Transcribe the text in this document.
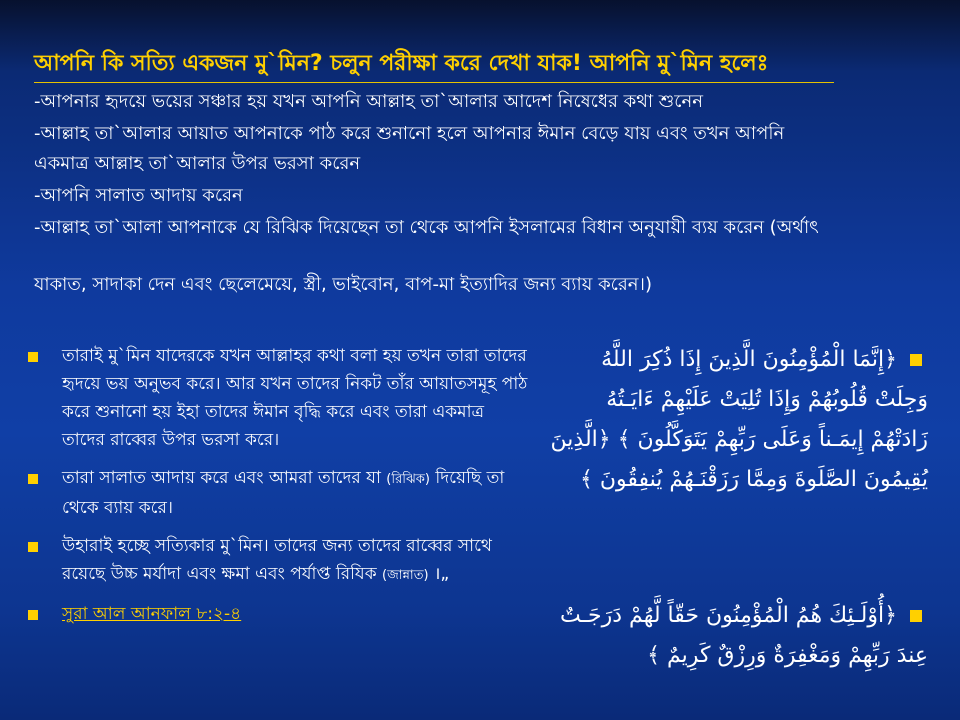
আপনি কি সত্যি একজন মু`মিন? চলুন পরীক্ষা করে দেখা যাক! আপনি মু`মিন হলেঃ
-আপনার হৃদয়ে ভয়ের সঞ্চার হয় যখন আপনি আল্লাহ তা`আলার আদেশ নিষেধের কথা শুনেন
-আল্লাহ তা`আলার আয়াত আপনাকে পাঠ করে শুনানো হলে আপনার ঈমান বেড়ে যায় এবং তখন আপনি
একমাত্র আল্লাহ তা`আলার উপর ভরসা করেন
-আপনি সালাত আদায় করেন
-আল্লাহ তা`আলা আপনাকে যে রিঝিক দিয়েছেন তা থেকে আপনি ইসলামের বিধান অনুযায়ী ব্যয় করেন (অর্থাৎ
যাকাত, সাদাকা দেন এবং ছেলেমেয়ে, স্ত্রী, ভাইবোন, বাপ-মা ইত্যাদির জন্য ব্যায় করেন।)
তারাই মু`মিন যাদেরকে যখন আল্লাহর কথা বলা হয় তখন তারা তাদের হৃদয়ে ভয় অনুভব করে। আর যখন তাদের নিকট তাঁর আয়াতসমূহ পাঠ করে শুনানো হয় ইহা তাদের ঈমান বৃদ্ধি করে এবং তারা একমাত্র তাদের রাব্বের উপর ভরসা করে।
তারা সালাত আদায় করে এবং আমরা তাদের যা (রিঝিক) দিয়েছি তা থেকে ব্যায় করে।
উহারাই হচ্ছে সত্যিকার মু`মিন। তাদের জন্য তাদের রাব্বের সাথে রয়েছে উচ্চ মর্যাদা এবং ক্ষমা এবং পর্যাপ্ত রিযিক (জান্নাত) ।„
সুরা আল আনফাল ৮:২-৪
﴿إِنَّمَا الْمُؤْمِنُونَ الَّذِينَ إِذَا ذُكِرَ اللَّهُ وَجِلَتْ قُلُوبُهُمْ وَإِذَا تُلِيَتْ عَلَيْهِمْ ءَايَـتُهُ زَادَتْهُمْ إِيمَـناً وَعَلَى رَبِّهِمْ يَتَوَكَّلُونَ ﴾ ﴿الَّذِينَ يُقِيمُونَ الصَّلَوةَ وَمِمَّا رَزَقْنَـهُمْ يُنفِقُونَ ﴾
﴿أُوْلَـئِكَ هُمُ الْمُؤْمِنُونَ حَقّاً لَّهُمْ دَرَجَـتٌ عِندَ رَبِّهِمْ وَمَغْفِرَةٌ وَرِزْقٌ كَرِيمٌ ﴾
